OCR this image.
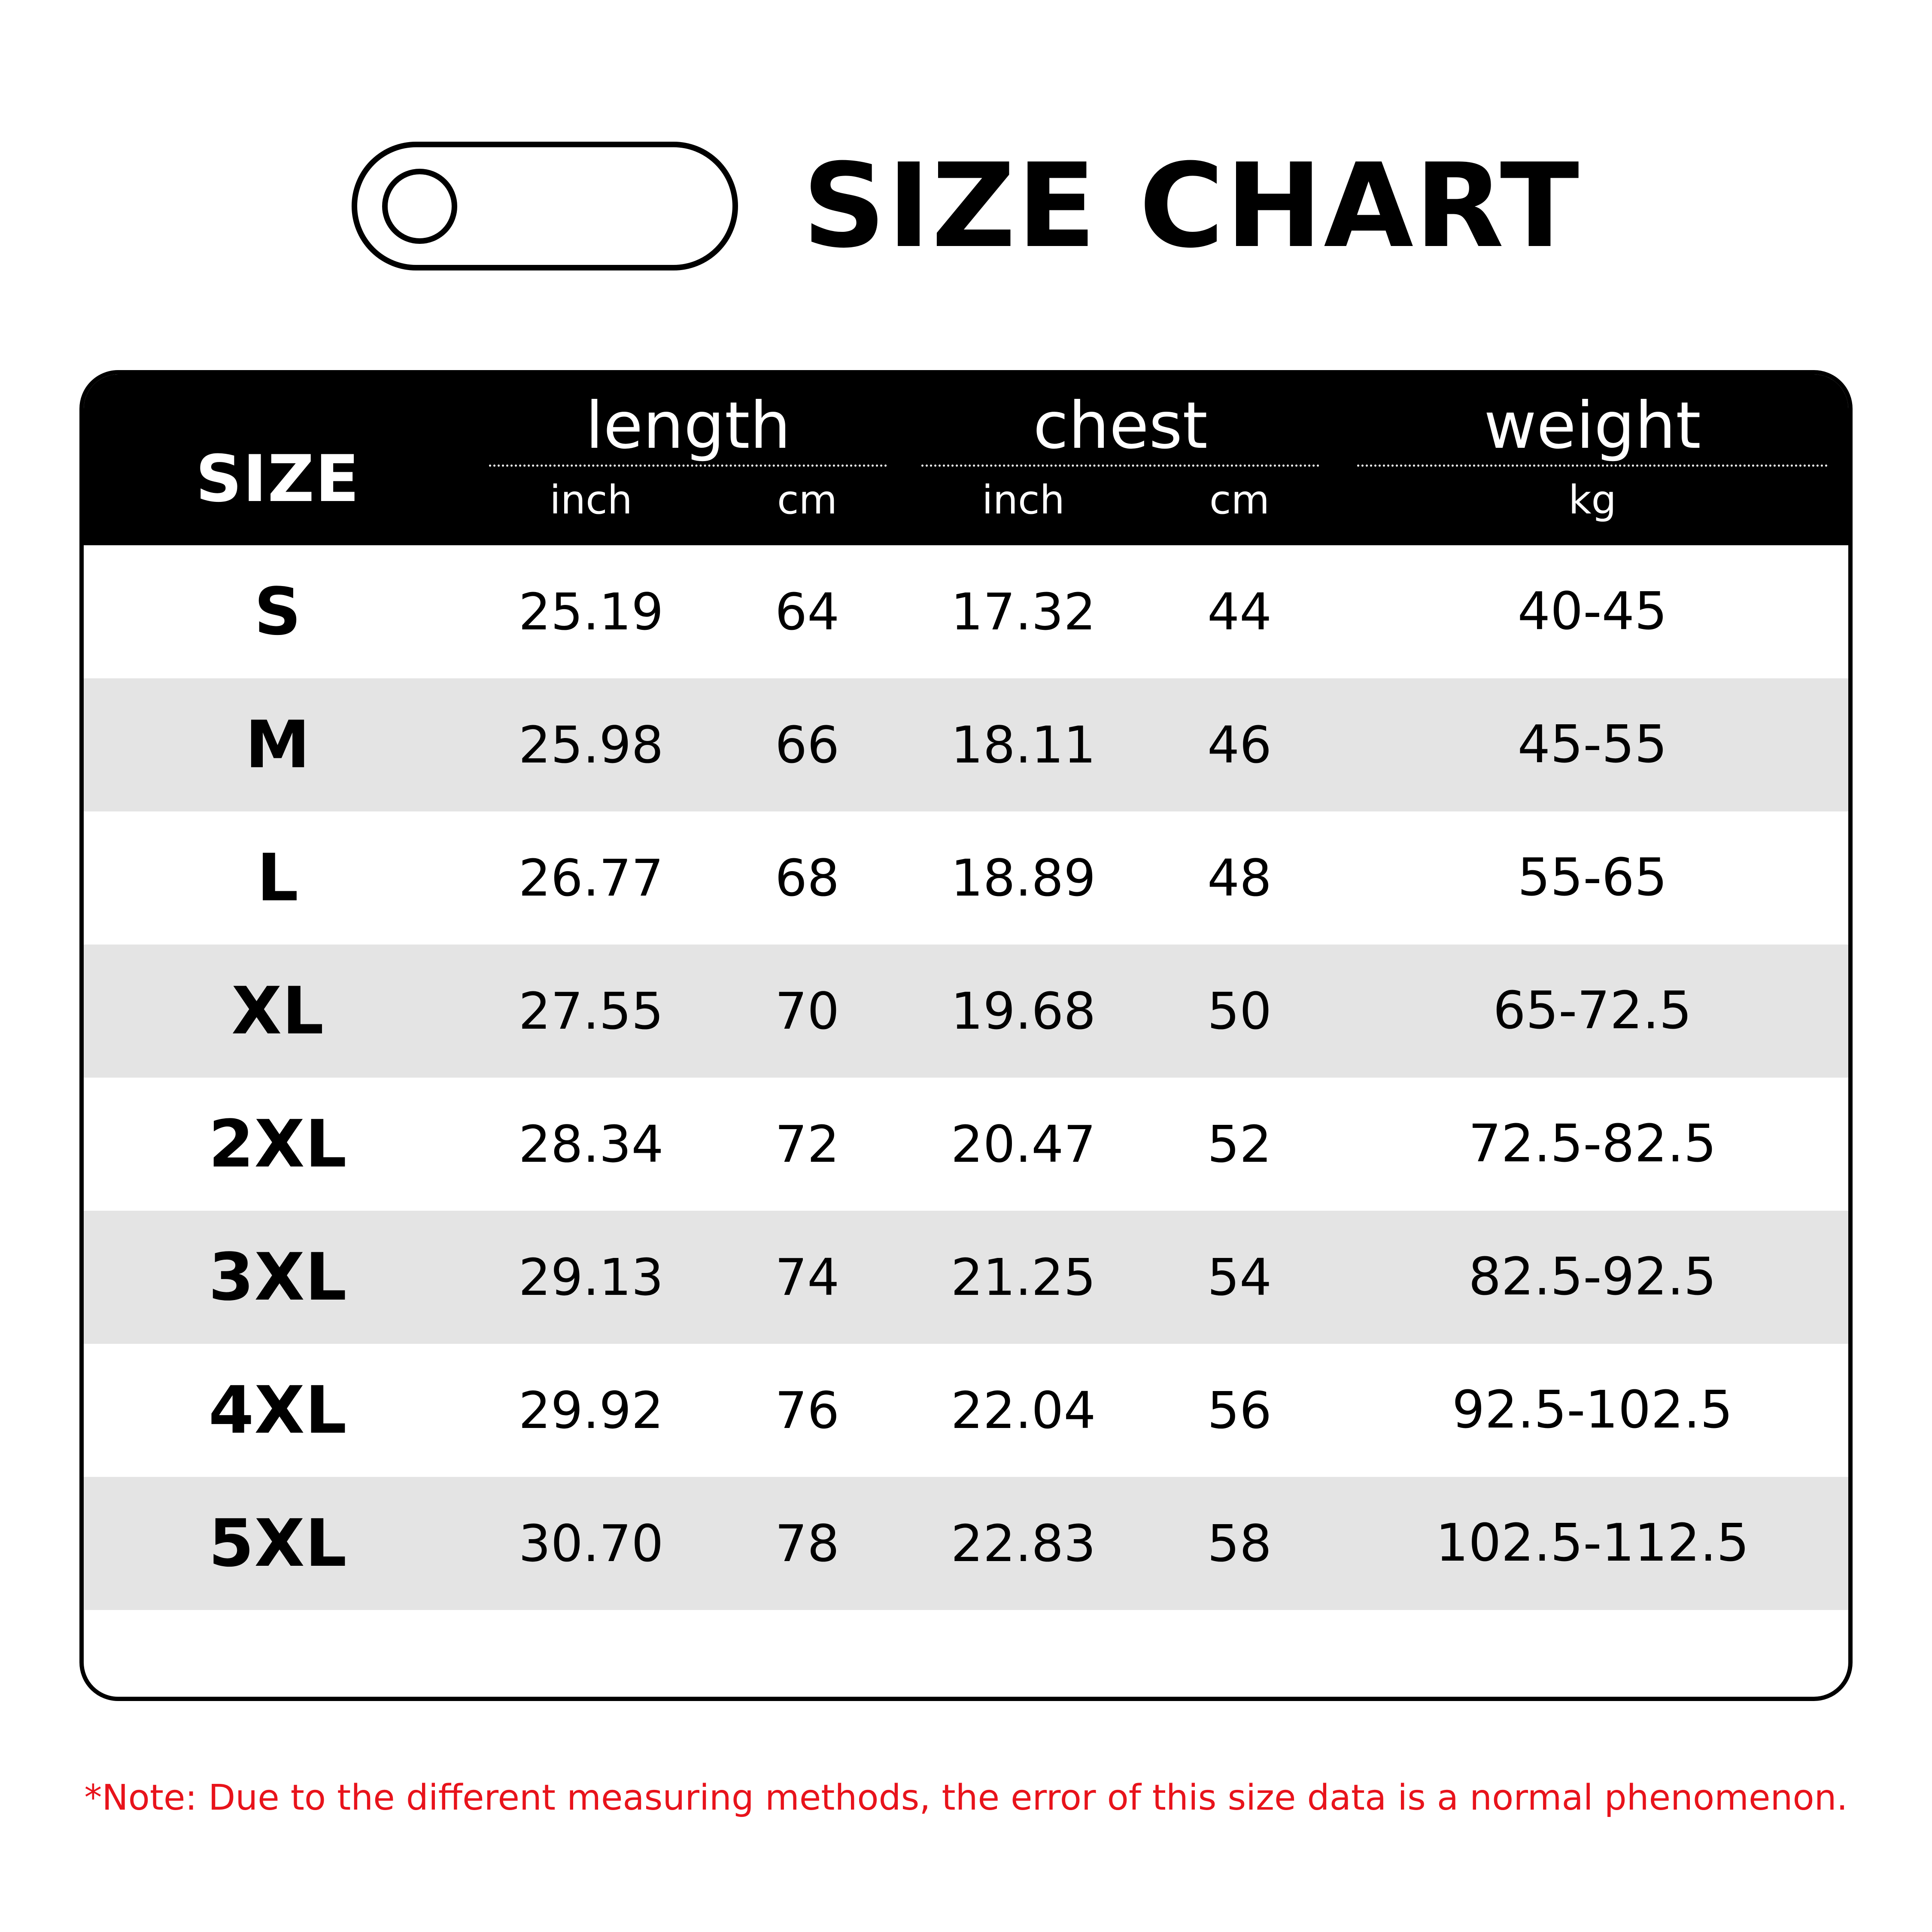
SIZE CHART
SIZE	length		chest		weight

	inch	cm	inch	cm	kg
S	25.19	64	17.32	44	40-45
M	25.98	66	18.11	46	45-55
L	26.77	68	18.89	48	55-65
XL	27.55	70	19.68	50	65-72.5
2XL	28.34	72	20.47	52	72.5-82.5
3XL	29.13	74	21.25	54	82.5-92.5
4XL	29.92	76	22.04	56	92.5-102.5
5XL	30.70	78	22.83	58	102.5-112.5
*Note: Due to the different measuring methods, the error of this size data is a normal phenomenon.
